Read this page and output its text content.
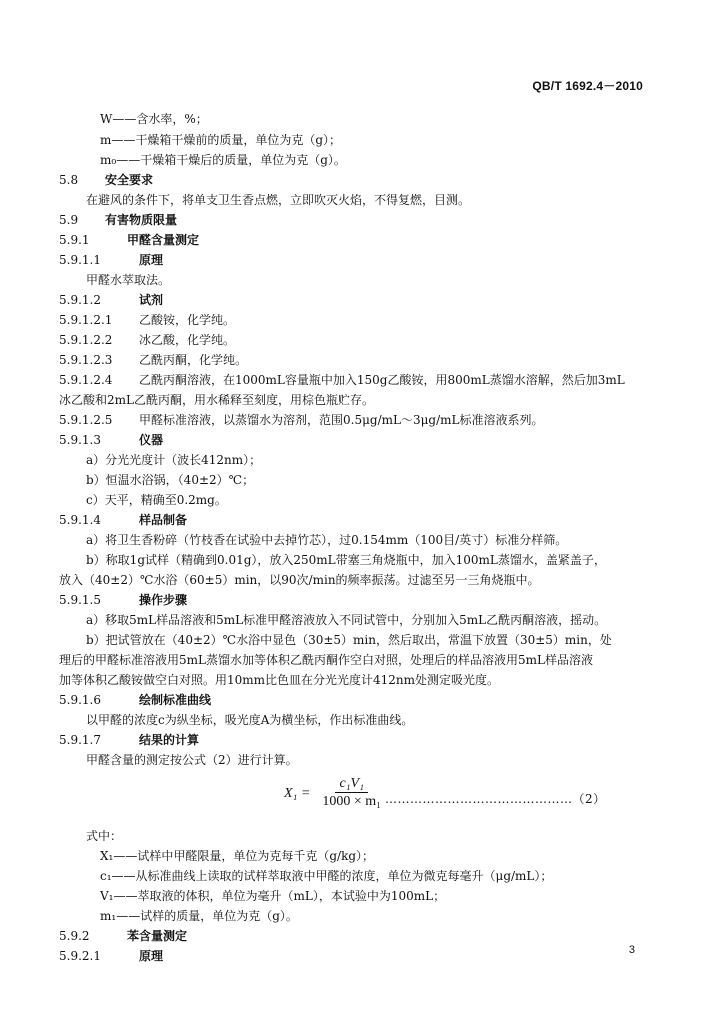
QB/T 1692.4－2010
W——含水率，%；
m——干燥箱干燥前的质量，单位为克（g）；
m₀——干燥箱干燥后的质量，单位为克（g）。
5.8 安全要求
在避风的条件下，将单支卫生香点燃，立即吹灭火焰，不得复燃，目测。
5.9 有害物质限量
5.9.1	甲醛含量测定
5.9.1.1	原理
甲醛水萃取法。
5.9.1.2	试剂
5.9.1.2.1 乙酸铵，化学纯。
5.9.1.2.2 冰乙酸，化学纯。
5.9.1.2.3 乙酰丙酮，化学纯。
5.9.1.2.4 乙酰丙酮溶液，在1000mL容量瓶中加入150g乙酸铵，用800mL蒸馏水溶解，然后加3mL
冰乙酸和2mL乙酰丙酮，用水稀释至刻度，用棕色瓶贮存。
5.9.1.2.5 甲醛标准溶液，以蒸馏水为溶剂，范围0.5μg/mL～3μg/mL标准溶液系列。
5.9.1.3	仪器
a）分光光度计（波长412nm）；
b）恒温水浴锅，（40±2）℃；
c）天平，精确至0.2mg。
5.9.1.4	样品制备
a）将卫生香粉碎（竹枝香在试验中去掉竹芯），过0.154mm（100目/英寸）标准分样筛。
b）称取1g试样（精确到0.01g），放入250mL带塞三角烧瓶中，加入100mL蒸馏水，盖紧盖子，
放入（40±2）℃水浴（60±5）min，以90次/min的频率振荡。过滤至另一三角烧瓶中。
5.9.1.5	操作步骤
a）移取5mL样品溶液和5mL标准甲醛溶液放入不同试管中，分别加入5mL乙酰丙酮溶液，摇动。
b）把试管放在（40±2）℃水浴中显色（30±5）min，然后取出，常温下放置（30±5）min，处
理后的甲醛标准溶液用5mL蒸馏水加等体积乙酰丙酮作空白对照，处理后的样品溶液用5mL样品溶液
加等体积乙酸铵做空白对照。用10mm比色皿在分光光度计412nm处测定吸光度。
5.9.1.6	绘制标准曲线
以甲醛的浓度c为纵坐标，吸光度A为横坐标，作出标准曲线。
5.9.1.7	结果的计算
甲醛含量的测定按公式（2）进行计算。
$X_1 = \frac{\text{c₁V₁}}{\text{1000 × m₁}}$ ………………………………………（2）
式中：
X₁——试样中甲醛限量，单位为克每千克（g/kg）；
c₁——从标准曲线上读取的试样萃取液中甲醛的浓度，单位为微克每毫升（μg/mL）；
V₁——萃取液的体积，单位为毫升（mL），本试验中为100mL；
m₁——试样的质量，单位为克（g）。
5.9.2	苯含量测定
5.9.2.1	原理	3
